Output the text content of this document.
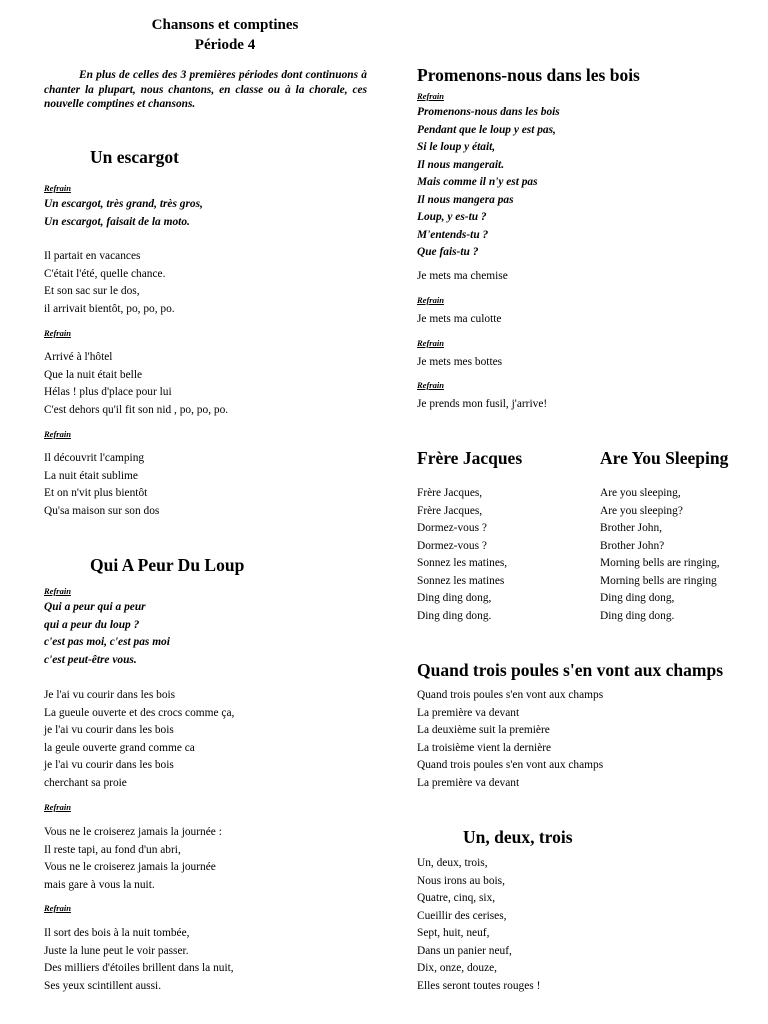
Chansons et comptines
Période 4
En plus de celles des 3 premières périodes dont continuons à chanter la plupart, nous chantons, en classe ou à la chorale, ces nouvelle comptines et chansons.
Un escargot
Refrain
Un escargot, très grand, très gros,
Un escargot, faisait de la moto.
Il partait en vacances
C'était l'été, quelle chance.
Et son sac sur le dos,
il arrivait bientôt, po, po, po.
Refrain
Arrivé à l'hôtel
Que la nuit était belle
Hélas ! plus d'place pour lui
C'est dehors qu'il fit son nid , po, po, po.
Refrain
Il découvrit l'camping
La nuit était sublime
Et on n'vit plus bientôt
Qu'sa maison sur son dos
Qui A Peur Du Loup
Refrain
Qui a peur qui a peur
qui a peur du loup ?
c'est pas moi, c'est pas moi
c'est peut-être vous.
Je l'ai vu courir dans les bois
La gueule ouverte et des crocs comme ça,
je l'ai vu courir dans les bois
la geule ouverte grand comme ca
je l'ai vu courir dans les bois
cherchant sa proie
Refrain
Vous ne le croiserez jamais la journée :
Il reste tapi, au fond d'un abri,
Vous ne le croiserez jamais la journée
mais gare à vous la nuit.
Refrain
Il sort des bois à la nuit tombée,
Juste la lune peut le voir passer.
Des milliers d'étoiles brillent dans la nuit,
Ses yeux scintillent aussi.
Promenons-nous dans les bois
Refrain
Promenons-nous dans les bois
Pendant que le loup y est pas,
Si le loup y était,
Il nous mangerait.
Mais comme il n'y est pas
Il nous mangera pas
Loup, y es-tu ?
M'entends-tu ?
Que fais-tu ?
Je mets ma chemise
Refrain
Je mets ma culotte
Refrain
Je mets mes bottes
Refrain
Je prends mon fusil, j'arrive!
Frère Jacques
Frère Jacques,
Frère Jacques,
Dormez-vous ?
Dormez-vous ?
Sonnez les matines,
Sonnez les matines
Ding ding dong,
Ding ding dong.
Are You Sleeping
Are you sleeping,
Are you sleeping?
Brother John,
Brother John?
Morning bells are ringing,
Morning bells are ringing
Ding ding dong,
Ding ding dong.
Quand trois poules s'en vont aux champs
Quand trois poules s'en vont aux champs
La première va devant
La deuxième suit la première
La troisième vient la dernière
Quand trois poules s'en vont aux champs
La première va devant
Un, deux, trois
Un, deux, trois,
Nous irons au bois,
Quatre, cinq, six,
Cueillir des cerises,
Sept, huit, neuf,
Dans un panier neuf,
Dix, onze, douze,
Elles seront toutes rouges !
